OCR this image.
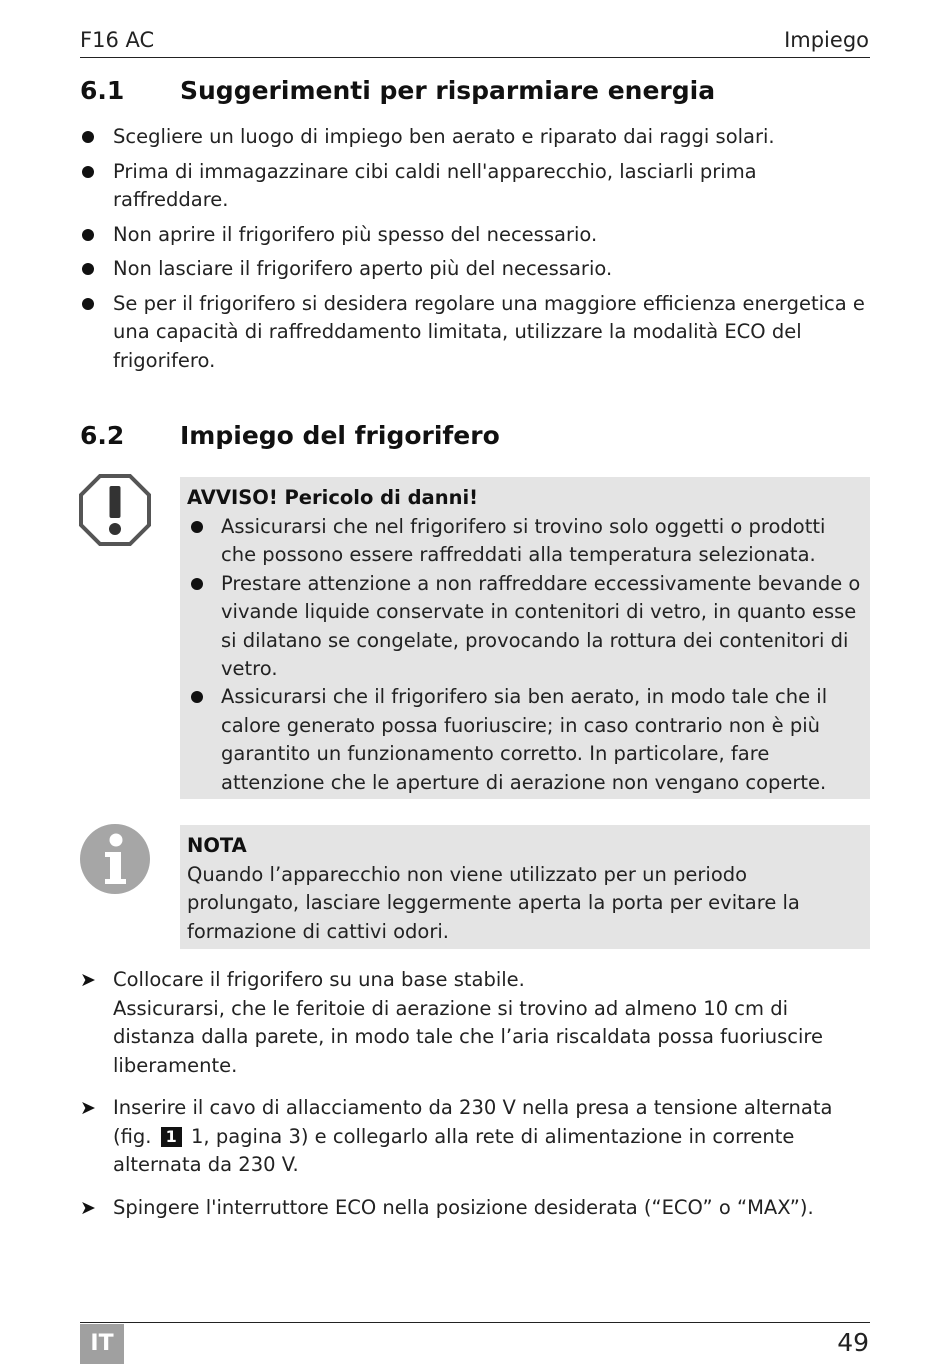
F16 AC	Impiego
6.1 Suggerimenti per risparmiare energia
Scegliere un luogo di impiego ben aerato e riparato dai raggi solari.
Prima di immagazzinare cibi caldi nell'apparecchio, lasciarli prima raffreddare.
Non aprire il frigorifero più spesso del necessario.
Non lasciare il frigorifero aperto più del necessario.
Se per il frigorifero si desidera regolare una maggiore efficienza energetica e una capacità di raffreddamento limitata, utilizzare la modalità ECO del frigorifero.
6.2 Impiego del frigorifero
AVVISO! Pericolo di danni!
Assicurarsi che nel frigorifero si trovino solo oggetti o prodotti che possono essere raffreddati alla temperatura selezionata.
Prestare attenzione a non raffreddare eccessivamente bevande o vivande liquide conservate in contenitori di vetro, in quanto esse si dilatano se congelate, provocando la rottura dei contenitori di vetro.
Assicurarsi che il frigorifero sia ben aerato, in modo tale che il calore generato possa fuoriuscire; in caso contrario non è più garantito un funzionamento corretto. In particolare, fare attenzione che le aperture di aerazione non vengano coperte.
NOTA

Quando l’apparecchio non viene utilizzato per un periodo prolungato, lasciare leggermente aperta la porta per evitare la formazione di cattivi odori.

➤ Collocare il frigorifero su una base stabile.
Assicurarsi, che le feritoie di aerazione si trovino ad almeno 10 cm di distanza dalla parete, in modo tale che l’aria riscaldata possa fuoriuscire liberamente.
➤ Inserire il cavo di allacciamento da 230 V nella presa a tensione alternata (fig. 1 1, pagina 3) e collegarlo alla rete di alimentazione in corrente alternata da 230 V.
➤ Spingere l'interruttore ECO nella posizione desiderata (“ECO” o “MAX”).
IT	49
